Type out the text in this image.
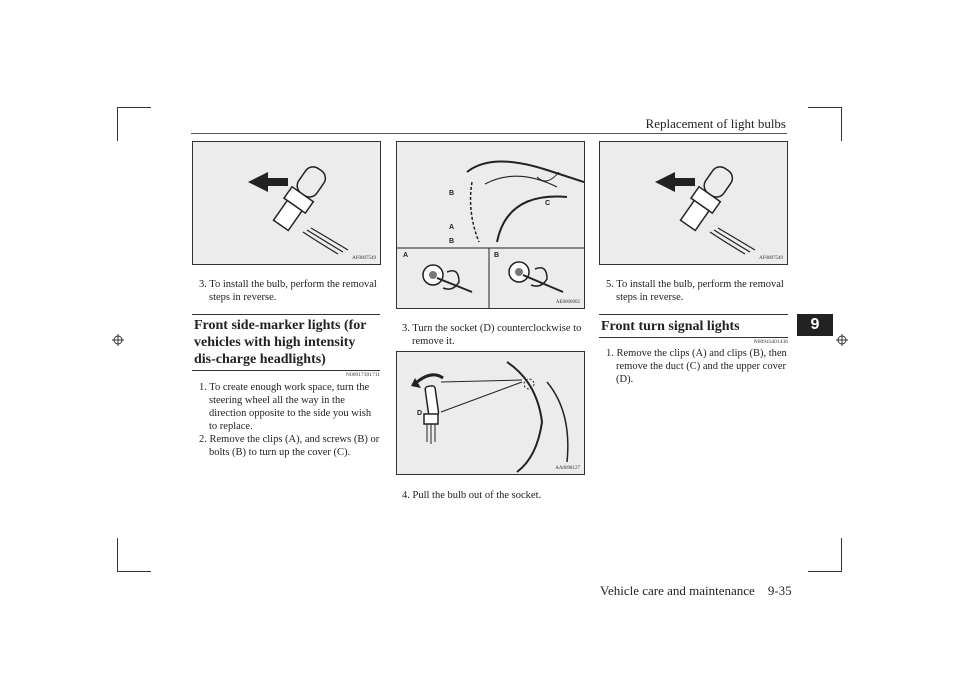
Replacement of light bulbs
9
AF0007549

3. To install the bulb, perform the removal steps in reverse.

Front side-marker lights (for vehicles with high intensity dis-charge headlights)
N00917301711

1. To create enough work space, turn the steering wheel all the way in the direction opposite to the side you wish to replace.

2. Remove the clips (A), and screws (B) or bolts (B) to turn up the cover (C).

B
A
B
C
A	B
AE0000002

3. Turn the socket (D) counterclockwise to remove it.

D
AA0098127

4. Pull the bulb out of the socket.

AF0007549

5. To install the bulb, perform the removal steps in reverse.

Front turn signal lights
N00943401436

1. Remove the clips (A) and clips (B), then remove the duct (C) and the upper cover (D).

Vehicle care and maintenance    9-35
